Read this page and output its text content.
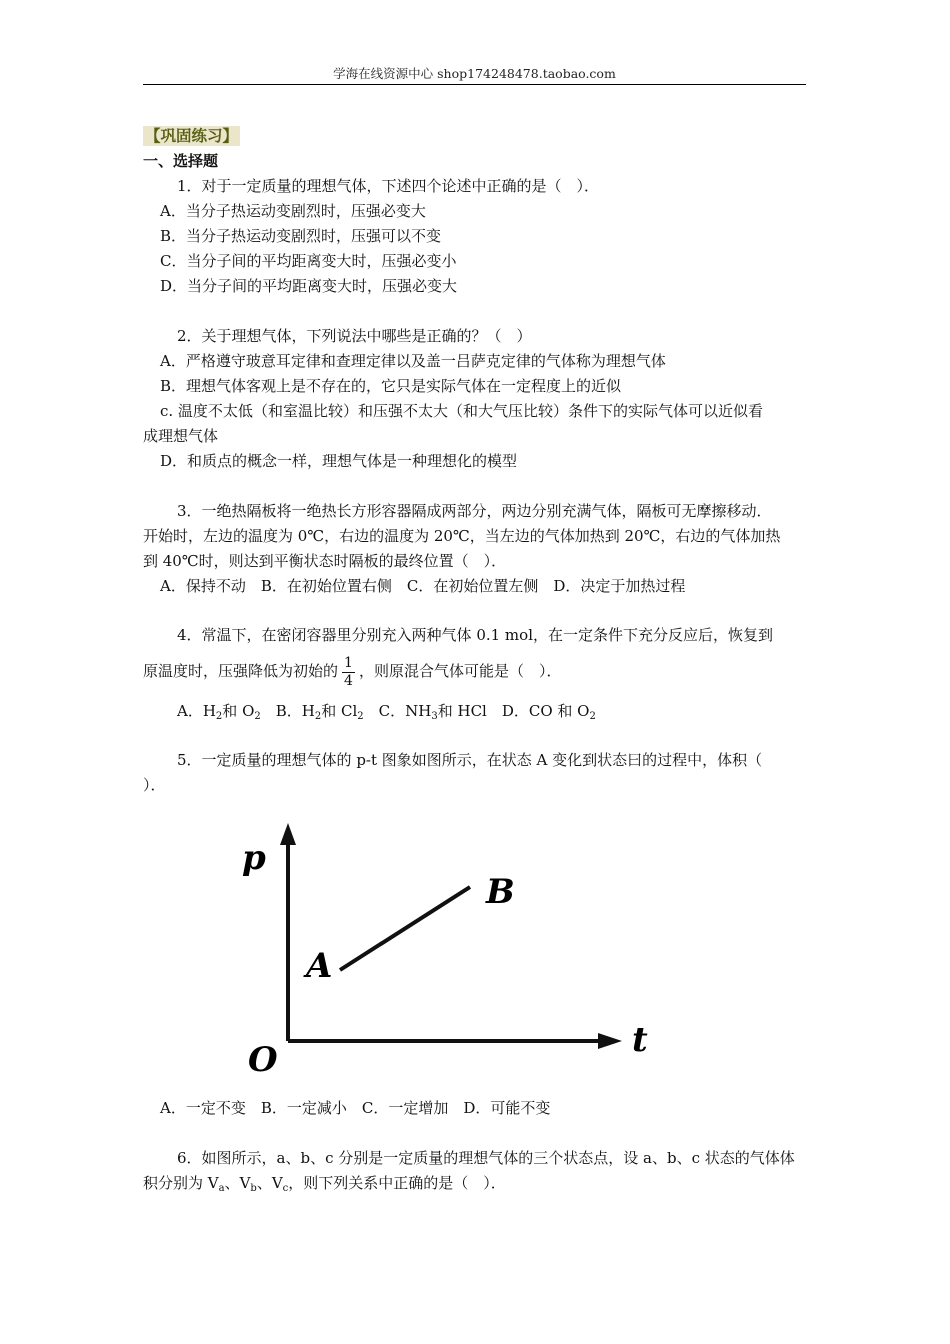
学海在线资源中心 shop174248478.taobao.com
【巩固练习】
一、选择题
1．对于一定质量的理想气体，下述四个论述中正确的是（　）．
A．当分子热运动变剧烈时，压强必变大
B．当分子热运动变剧烈时，压强可以不变
C．当分子间的平均距离变大时，压强必变小
D．当分子间的平均距离变大时，压强必变大
2．关于理想气体，下列说法中哪些是正确的？（　）
A．严格遵守玻意耳定律和查理定律以及盖一吕萨克定律的气体称为理想气体
B．理想气体客观上是不存在的，它只是实际气体在一定程度上的近似
c. 温度不太低（和室温比较）和压强不太大（和大气压比较）条件下的实际气体可以近似看
成理想气体
D．和质点的概念一样，理想气体是一种理想化的模型
3．一绝热隔板将一绝热长方形容器隔成两部分，两边分别充满气体，隔板可无摩擦移动．
开始时，左边的温度为 0℃，右边的温度为 20℃，当左边的气体加热到 20℃，右边的气体加热
到 40℃时，则达到平衡状态时隔板的最终位置（　）．
A．保持不动　B．在初始位置右侧　C．在初始位置左侧　D．决定于加热过程
4．常温下，在密闭容器里分别充入两种气体 0.1 mol，在一定条件下充分反应后，恢复到
原温度时，压强降低为初始的 $\frac{1}{4}$ ，则原混合气体可能是（　）．
A．$H_2$和 $O_2$　B．$H_2$和 $Cl_2$　C．$NH_3$和 HCl　D．CO 和 $O_2$
5．一定质量的理想气体的 p-t 图象如图所示，在状态 A 变化到状态曰的过程中，体积（
）．
p
t
O
A
B
A．一定不变　B．一定减小　C．一定增加　D．可能不变
6．如图所示，a、b、c 分别是一定质量的理想气体的三个状态点，设 a、b、c 状态的气体体
积分别为 $V_a$、$V_b$、$V_c$，则下列关系中正确的是（　）．
